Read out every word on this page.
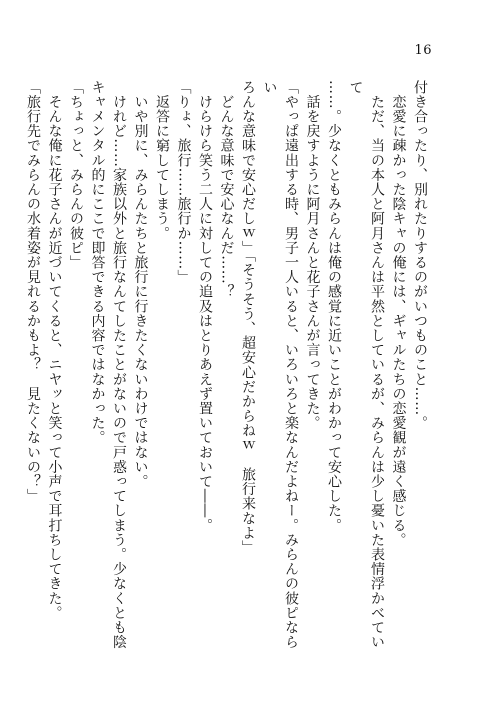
16

付き合ったり、別れたりするのがいつものこと……。

　恋愛に疎かった陰キャの俺には、ギャルたちの恋愛観が遠く感じる。

　ただ、当の本人と阿月さんは平然としているが、みらんは少し憂いた表情浮かべていて

……。少なくともみらんは俺の感覚に近いことがわかって安心した。

　話を戻すように阿月さんと花子さんが言ってきた。

「やっぱ遠出する時、男子一人いると、いろいろと楽なんだよねー。みらんの彼ピならい

ろんな意味で安心だしｗ」「そうそう、超安心だからねｗ　旅行来なよ」

　どんな意味で安心なんだ……？

　けらけら笑う二人に対しての追及はとりあえず置いておいて――。

「りょ、旅行……旅行か……」

　返答に窮してしまう。

　いや別に、みらんたちと旅行に行きたくないわけではない。

　けれど……家族以外と旅行なんてしたことがないので戸惑ってしまう。少なくとも陰

キャメンタル的にここで即答できる内容ではなかった。

「ちょっと、みらんの彼ピ」

　そんな俺に花子さんが近づいてくると、ニヤッと笑って小声で耳打ちしてきた。

「旅行先でみらんの水着姿が見れるかもよ？　見たくないの？」
